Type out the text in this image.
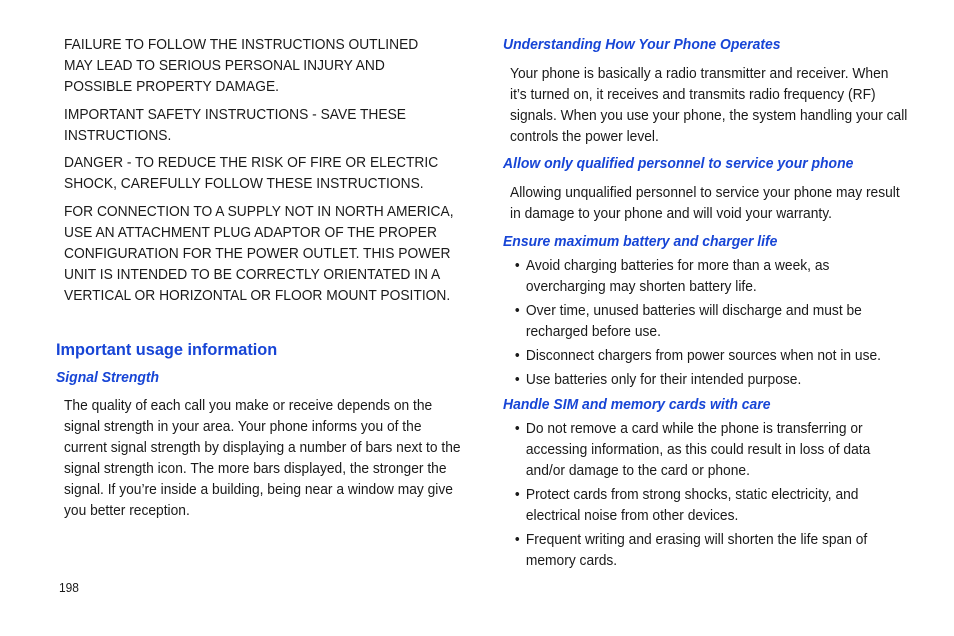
FAILURE TO FOLLOW THE INSTRUCTIONS OUTLINED MAY LEAD TO SERIOUS PERSONAL INJURY AND POSSIBLE PROPERTY DAMAGE.

IMPORTANT SAFETY INSTRUCTIONS - SAVE THESE INSTRUCTIONS.

DANGER - TO REDUCE THE RISK OF FIRE OR ELECTRIC SHOCK, CAREFULLY FOLLOW THESE INSTRUCTIONS.

FOR CONNECTION TO A SUPPLY NOT IN NORTH AMERICA, USE AN ATTACHMENT PLUG ADAPTOR OF THE PROPER CONFIGURATION FOR THE POWER OUTLET. THIS POWER UNIT IS INTENDED TO BE CORRECTLY ORIENTATED IN A VERTICAL OR HORIZONTAL OR FLOOR MOUNT POSITION.

Important usage information
Signal Strength

The quality of each call you make or receive depends on the signal strength in your area. Your phone informs you of the current signal strength by displaying a number of bars next to the signal strength icon. The more bars displayed, the stronger the signal. If you’re inside a building, being near a window may give you better reception.

Understanding How Your Phone Operates

Your phone is basically a radio transmitter and receiver. When it’s turned on, it receives and transmits radio frequency (RF) signals. When you use your phone, the system handling your call controls the power level.

Allow only qualified personnel to service your phone

Allowing unqualified personnel to service your phone may result in damage to your phone and will void your warranty.

Ensure maximum battery and charger life
• Avoid charging batteries for more than a week, as overcharging may shorten battery life.
• Over time, unused batteries will discharge and must be recharged before use.
• Disconnect chargers from power sources when not in use.
• Use batteries only for their intended purpose.
Handle SIM and memory cards with care
• Do not remove a card while the phone is transferring or accessing information, as this could result in loss of data and/or damage to the card or phone.
• Protect cards from strong shocks, static electricity, and electrical noise from other devices.
• Frequent writing and erasing will shorten the life span of memory cards.
198
